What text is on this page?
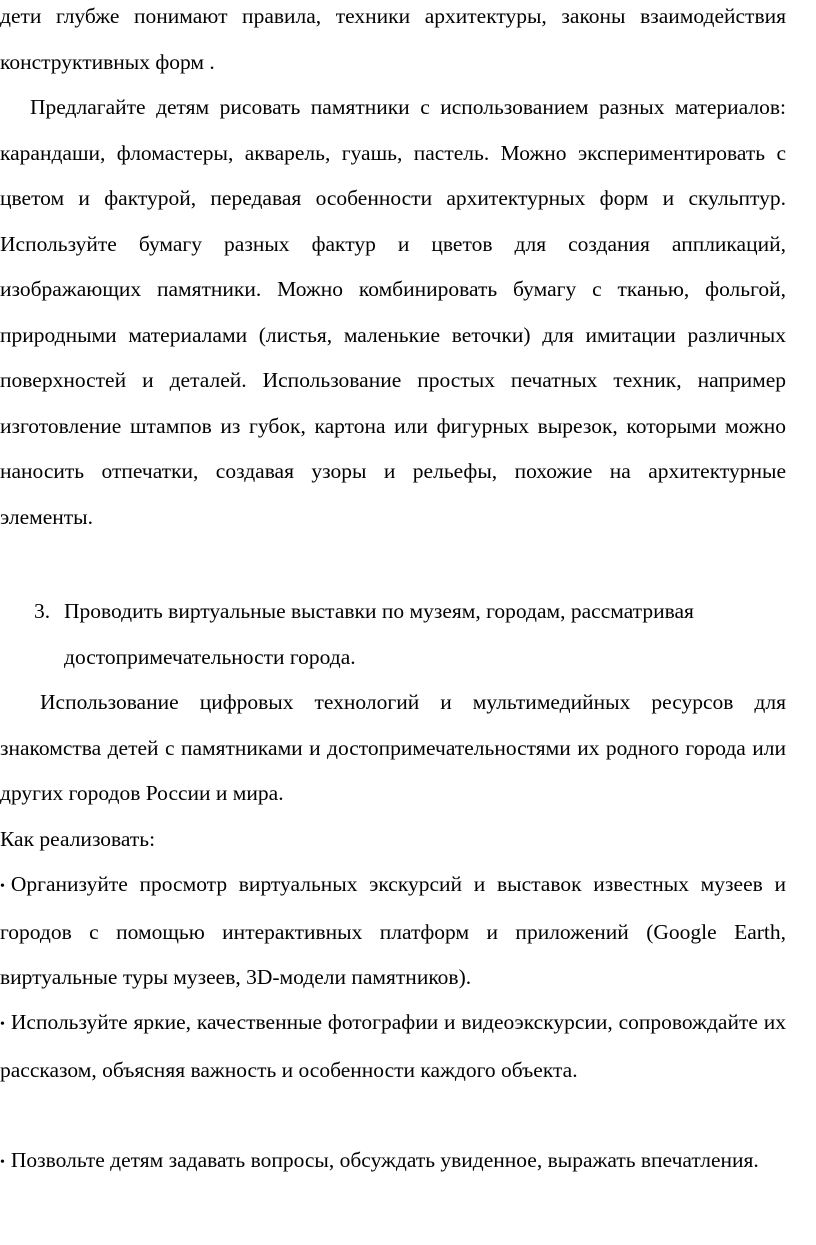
дети глубже понимают правила, техники архитектуры, законы взаимодействия конструктивных форм .

Предлагайте детям рисовать памятники с использованием разных материалов: карандаши, фломастеры, акварель, гуашь, пастель. Можно экспериментировать с цветом и фактурой, передавая особенности архитектурных форм и скульптур. Используйте бумагу разных фактур и цветов для создания аппликаций, изображающих памятники. Можно комбинировать бумагу с тканью, фольгой, природными материалами (листья, маленькие веточки) для имитации различных поверхностей и деталей. Использование простых печатных техник, например изготовление штампов из губок, картона или фигурных вырезок, которыми можно наносить отпечатки, создавая узоры и рельефы, похожие на архитектурные элементы.

3. Проводить виртуальные выставки по музеям, городам, рассматривая достопримечательности города.

Использование цифровых технологий и мультимедийных ресурсов для знакомства детей с памятниками и достопримечательностями их родного города или других городов России и мира.

Как реализовать:

• Организуйте просмотр виртуальных экскурсий и выставок известных музеев и городов с помощью интерактивных платформ и приложений (Google Earth, виртуальные туры музеев, 3D-модели памятников).

• Используйте яркие, качественные фотографии и видеоэкскурсии, сопровождайте их рассказом, объясняя важность и особенности каждого объекта.

• Позвольте детям задавать вопросы, обсуждать увиденное, выражать впечатления.
